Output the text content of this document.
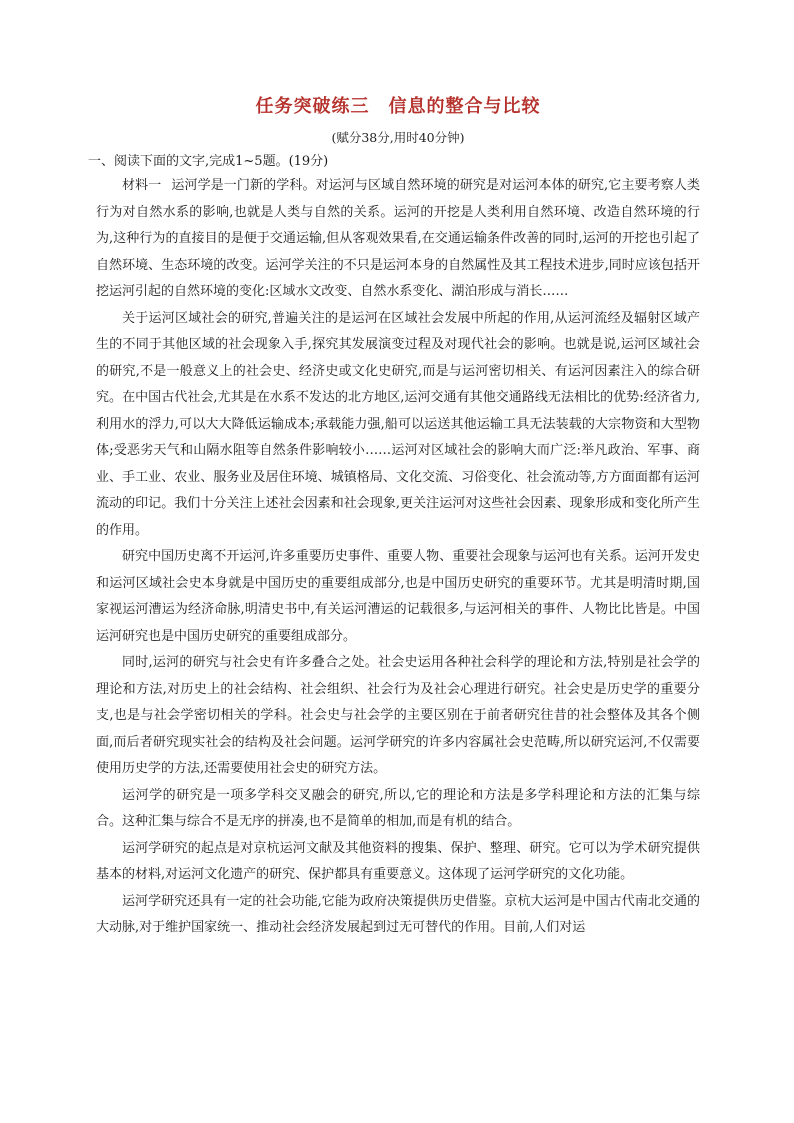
任务突破练三　信息的整合与比较

(赋分38分,用时40分钟)

一、阅读下面的文字,完成1~5题。(19分)

材料一 运河学是一门新的学科。对运河与区域自然环境的研究是对运河本体的研究,它主要考察人类行为对自然水系的影响,也就是人类与自然的关系。运河的开挖是人类利用自然环境、改造自然环境的行为,这种行为的直接目的是便于交通运输,但从客观效果看,在交通运输条件改善的同时,运河的开挖也引起了自然环境、生态环境的改变。运河学关注的不只是运河本身的自然属性及其工程技术进步,同时应该包括开挖运河引起的自然环境的变化:区域水文改变、自然水系变化、湖泊形成与消长……

关于运河区域社会的研究,普遍关注的是运河在区域社会发展中所起的作用,从运河流经及辐射区域产生的不同于其他区域的社会现象入手,探究其发展演变过程及对现代社会的影响。也就是说,运河区域社会的研究,不是一般意义上的社会史、经济史或文化史研究,而是与运河密切相关、有运河因素注入的综合研究。在中国古代社会,尤其是在水系不发达的北方地区,运河交通有其他交通路线无法相比的优势:经济省力,利用水的浮力,可以大大降低运输成本;承载能力强,船可以运送其他运输工具无法装载的大宗物资和大型物体;受恶劣天气和山隔水阻等自然条件影响较小……运河对区域社会的影响大而广泛:举凡政治、军事、商业、手工业、农业、服务业及居住环境、城镇格局、文化交流、习俗变化、社会流动等,方方面面都有运河流动的印记。我们十分关注上述社会因素和社会现象,更关注运河对这些社会因素、现象形成和变化所产生的作用。

研究中国历史离不开运河,许多重要历史事件、重要人物、重要社会现象与运河也有关系。运河开发史和运河区域社会史本身就是中国历史的重要组成部分,也是中国历史研究的重要环节。尤其是明清时期,国家视运河漕运为经济命脉,明清史书中,有关运河漕运的记载很多,与运河相关的事件、人物比比皆是。中国运河研究也是中国历史研究的重要组成部分。

同时,运河的研究与社会史有许多叠合之处。社会史运用各种社会科学的理论和方法,特别是社会学的理论和方法,对历史上的社会结构、社会组织、社会行为及社会心理进行研究。社会史是历史学的重要分支,也是与社会学密切相关的学科。社会史与社会学的主要区别在于前者研究往昔的社会整体及其各个侧面,而后者研究现实社会的结构及社会问题。运河学研究的许多内容属社会史范畴,所以研究运河,不仅需要使用历史学的方法,还需要使用社会史的研究方法。

运河学的研究是一项多学科交叉融会的研究,所以,它的理论和方法是多学科理论和方法的汇集与综合。这种汇集与综合不是无序的拼凑,也不是简单的相加,而是有机的结合。

运河学研究的起点是对京杭运河文献及其他资料的搜集、保护、整理、研究。它可以为学术研究提供基本的材料,对运河文化遗产的研究、保护都具有重要意义。这体现了运河学研究的文化功能。

运河学研究还具有一定的社会功能,它能为政府决策提供历史借鉴。京杭大运河是中国古代南北交通的大动脉,对于维护国家统一、推动社会经济发展起到过无可替代的作用。目前,人们对运
